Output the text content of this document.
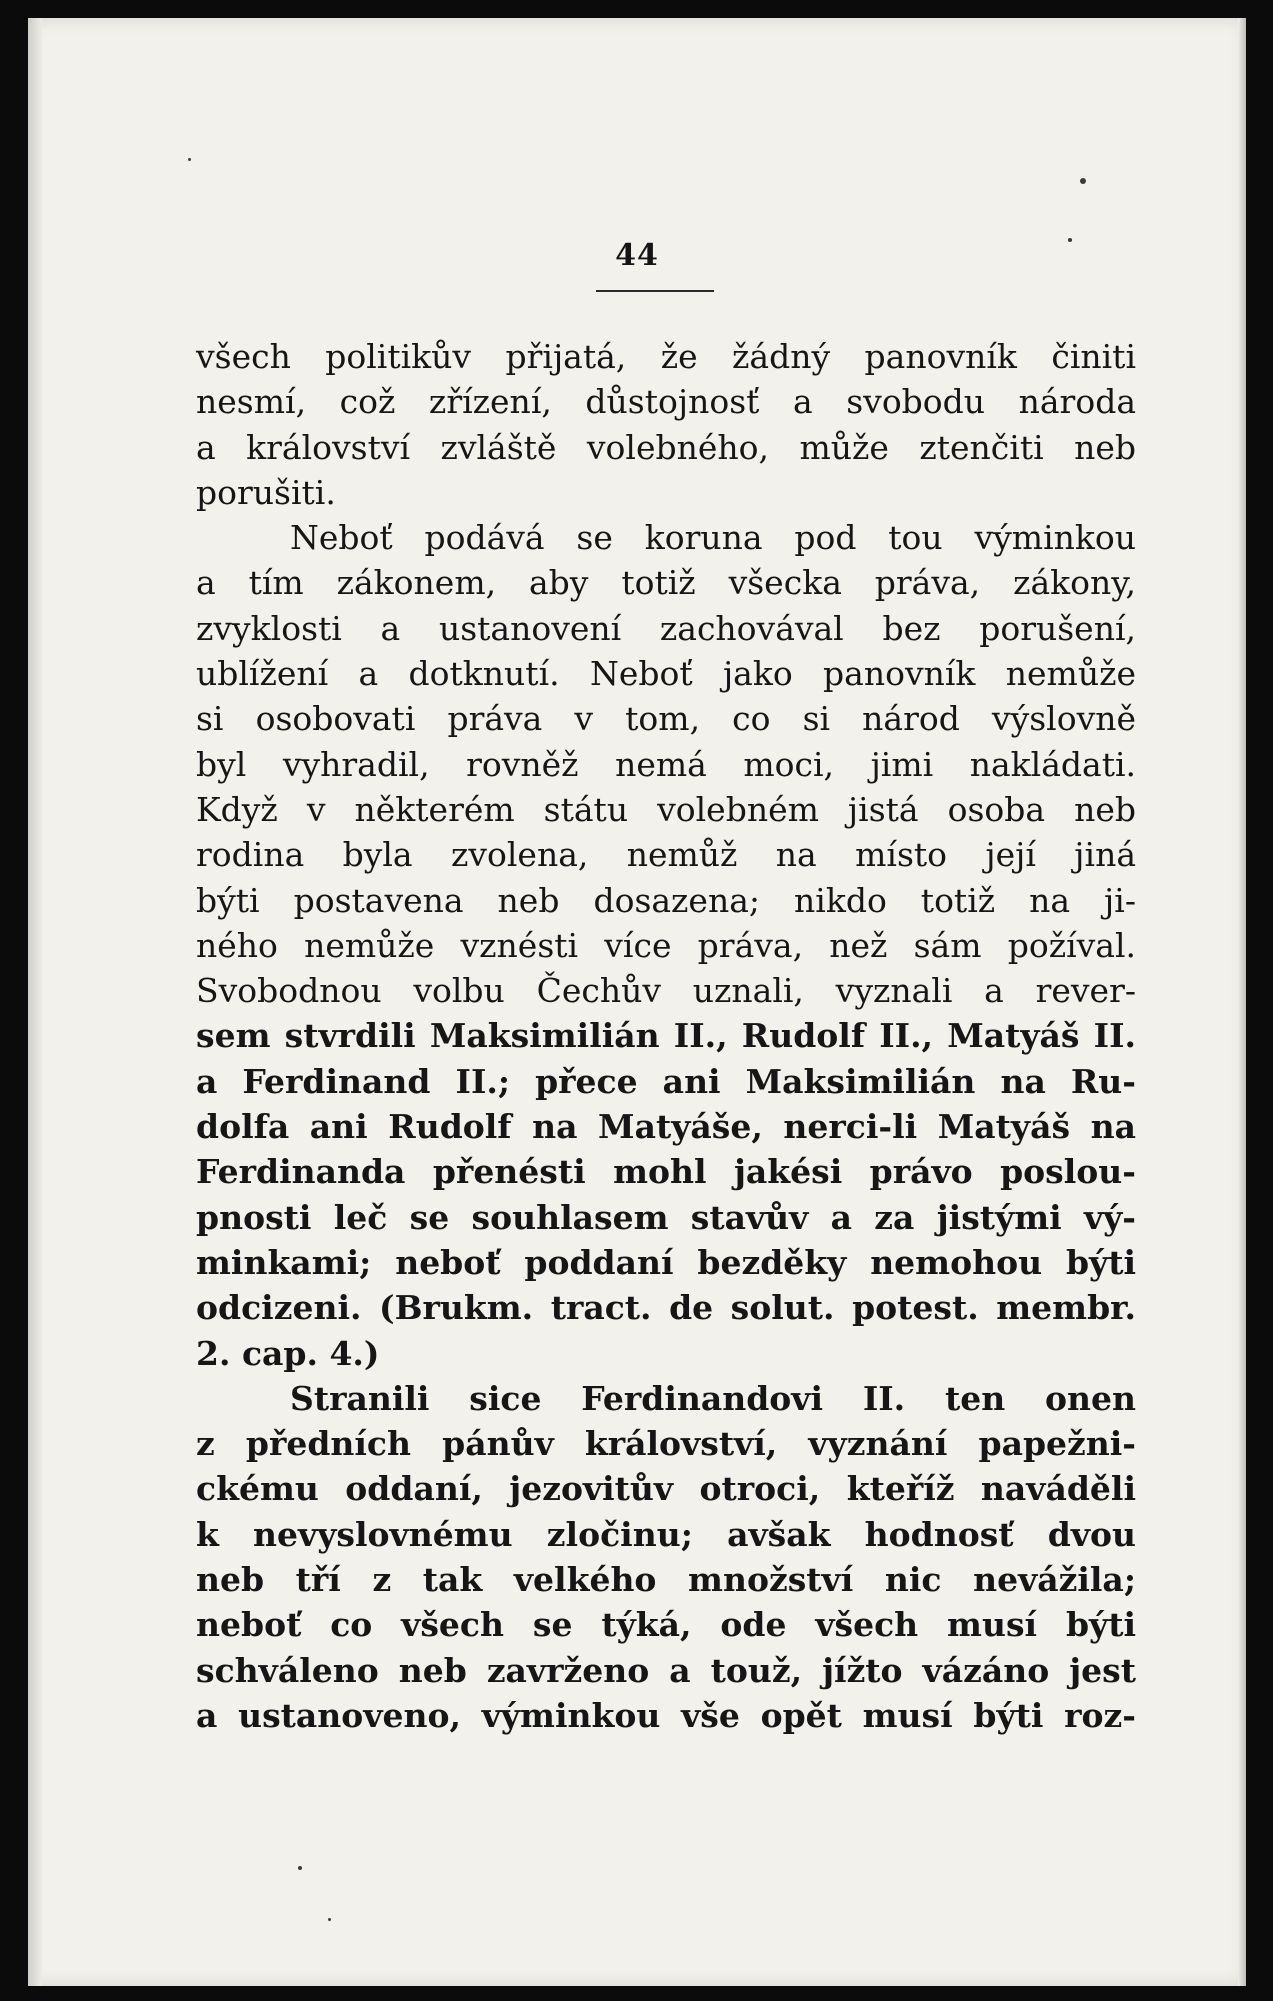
44

všech politikův přijatá, že žádný panovník činiti
nesmí, což zřízení, důstojnosť a svobodu národa
a království zvláště volebného, může ztenčiti neb
porušiti.
Neboť podává se koruna pod tou výminkou
a tím zákonem, aby totiž všecka práva, zákony,
zvyklosti a ustanovení zachovával bez porušení,
ublížení a dotknutí. Neboť jako panovník nemůže
si osobovati práva v tom, co si národ výslovně
byl vyhradil, rovněž nemá moci, jimi nakládati.
Když v některém státu volebném jistá osoba neb
rodina byla zvolena, nemůž na místo její jiná
býti postavena neb dosazena; nikdo totiž na ji-
ného nemůže vznésti více práva, než sám požíval.
Svobodnou volbu Čechův uznali, vyznali a rever-
sem stvrdili Maksimilián II., Rudolf II., Matyáš II.
a Ferdinand II.; přece ani Maksimilián na Ru-
dolfa ani Rudolf na Matyáše, nerci-li Matyáš na
Ferdinanda přenésti mohl jakési právo poslou-
pnosti leč se souhlasem stavův a za jistými vý-
minkami; neboť poddaní bezděky nemohou býti
odcizeni. (Brukm. tract. de solut. potest. membr.
2. cap. 4.)
Stranili sice Ferdinandovi II. ten onen
z předních pánův království, vyznání papežni-
ckému oddaní, jezovitův otroci, kteříž naváděli
k nevyslovnému zločinu; avšak hodnosť dvou
neb tří z tak velkého množství nic nevážila;
neboť co všech se týká, ode všech musí býti
schváleno neb zavrženo a touž, jížto vázáno jest
a ustanoveno, výminkou vše opět musí býti roz-
